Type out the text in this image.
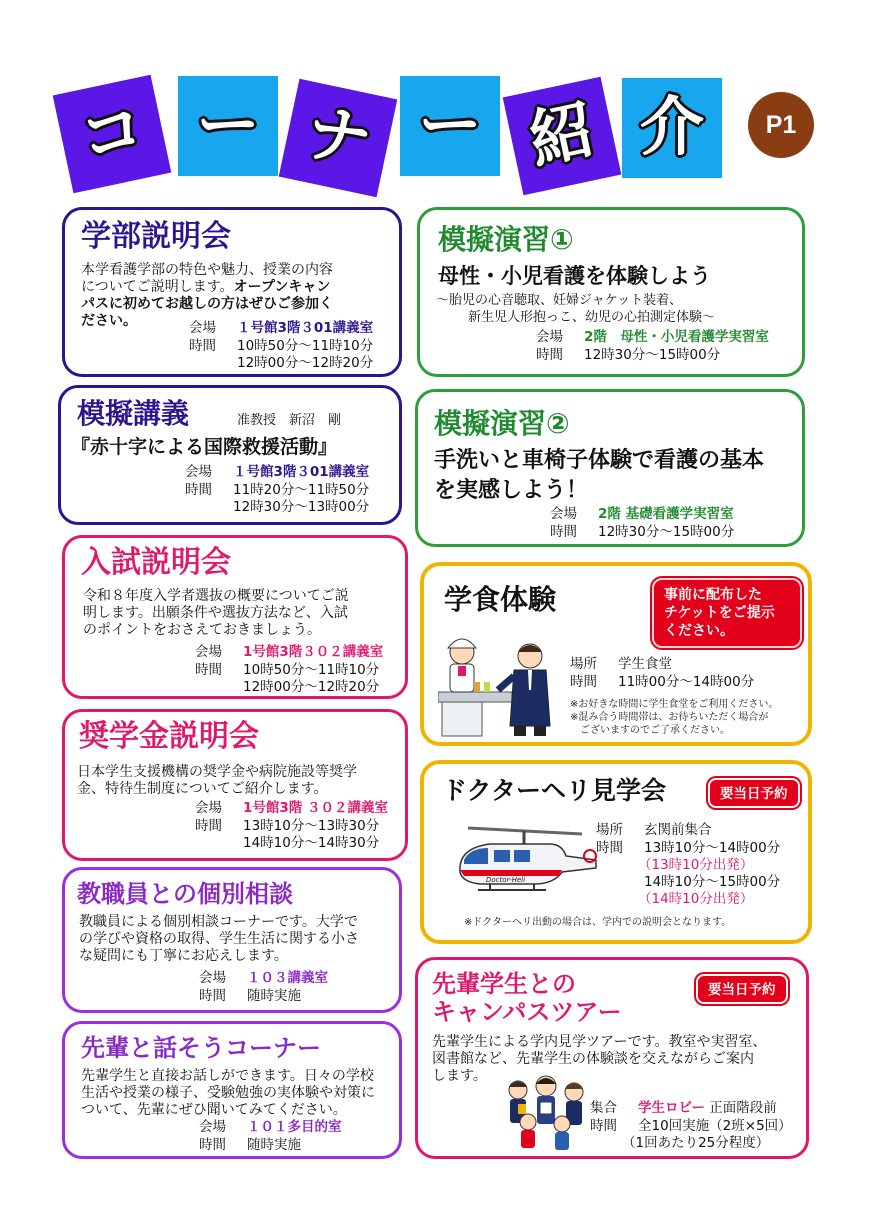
コ ー ナ ー 紹 介	P1
学部説明会
本学看護学部の特色や魅力、授業の内容
についてご説明します。オープンキャン
パスに初めてお越しの方はぜひご参加く
ださい。	会場 １号館3階３01講義室
時間 10時50分～11時10分
12時00分～12時20分
模擬講義	准教授　新沼　剛
『赤十字による国際救援活動』
会場 １号館3階３01講義室
時間 11時20分～11時50分
12時30分～13時00分
入試説明会
令和８年度入学者選抜の概要についてご説
明します。出願条件や選抜方法など、入試
のポイントをおさえておきましょう。
会場 1号館3階３０２講義室
時間 10時50分～11時10分
12時00分～12時20分
奨学金説明会
日本学生支援機構の奨学金や病院施設等奨学
金、特待生制度についてご紹介します。
会場 1号館3階 ３０２講義室
時間 13時10分～13時30分
14時10分～14時30分
教職員との個別相談
教職員による個別相談コーナーです。大学で
の学びや資格の取得、学生生活に関する小さ
な疑問にも丁寧にお応えします。
会場 １０３講義室
時間 随時実施
先輩と話そうコーナー
先輩学生と直接お話しができます。日々の学校
生活や授業の様子、受験勉強の実体験や対策に
ついて、先輩にぜひ聞いてみてください。
会場 １０１多目的室
時間 随時実施
模擬演習①
母性・小児看護を体験しよう
～胎児の心音聴取、妊婦ジャケット装着、
新生児人形抱っこ、幼児の心拍測定体験～
会場 2階　母性・小児看護学実習室
時間 12時30分～15時00分
模擬演習②
手洗いと車椅子体験で看護の基本
を実感しよう！
会場 2階 基礎看護学実習室
時間 12時30分～15時00分
学食体験	事前に配布した
チケットをご提示
ください。
場所 学生食堂
時間 11時00分～14時00分
※お好きな時間に学生食堂をご利用ください。
※混み合う時間帯は、お待ちいただく場合が
　ございますのでご了承ください。
ドクターヘリ見学会	要当日予約
Doctor-Heli
場所 玄関前集合
時間 13時10分～14時00分
（13時10分出発）
14時10分～15時00分
（14時10分出発）
※ドクターヘリ出動の場合は、学内での説明会となります。
先輩学生との
キャンパスツアー
要当日予約
先輩学生による学内見学ツアーです。教室や実習室、
図書館など、先輩学生の体験談を交えながらご案内
します。
集合 学生ロビー 正面階段前
時間 全10回実施（2班×5回）
（1回あたり25分程度）
